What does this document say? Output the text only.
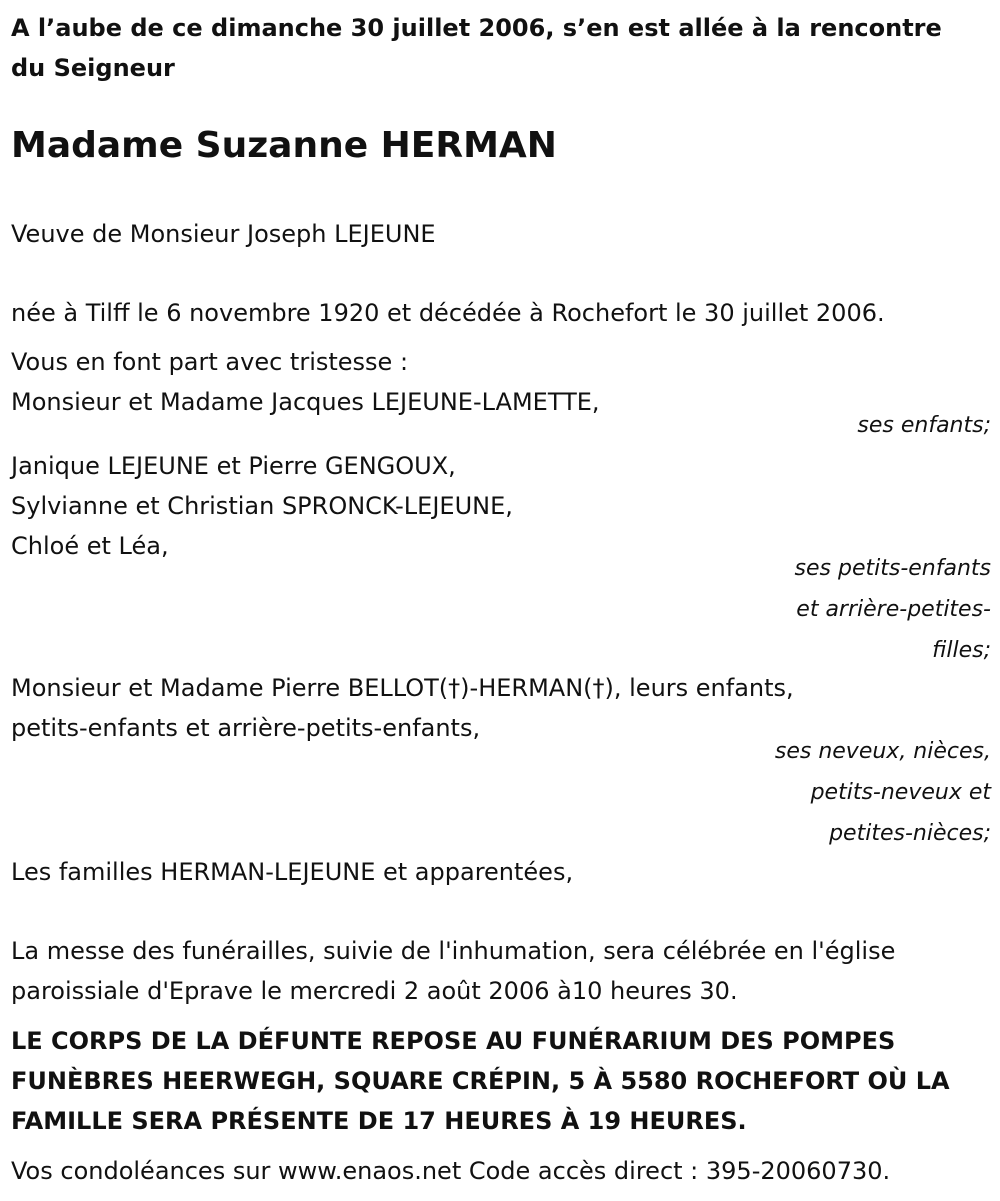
A l’aube de ce dimanche 30 juillet 2006, s’en est allée à la rencontre
du Seigneur
Madame Suzanne HERMAN

Veuve de Monsieur Joseph LEJEUNE

née à Tilff le 6 novembre 1920 et décédée à Rochefort le 30 juillet 2006.

Vous en font part avec tristesse :

Monsieur et Madame Jacques LEJEUNE-LAMETTE,

ses enfants;

Janique LEJEUNE et Pierre GENGOUX,
Sylvianne et Christian SPRONCK-LEJEUNE,
Chloé et Léa,
ses petits-enfants
et arrière-petites-
filles;
Monsieur et Madame Pierre BELLOT(†)-HERMAN(†), leurs enfants,
petits-enfants et arrière-petits-enfants,
ses neveux, nièces,
petits-neveux et
petites-nièces;

Les familles HERMAN-LEJEUNE et apparentées,

La messe des funérailles, suivie de l'inhumation, sera célébrée en l'église
paroissiale d'Eprave le mercredi 2 août 2006 à10 heures 30.
LE CORPS DE LA DÉFUNTE REPOSE AU FUNÉRARIUM DES POMPES
FUNÈBRES HEERWEGH, SQUARE CRÉPIN, 5 À 5580 ROCHEFORT OÙ LA
FAMILLE SERA PRÉSENTE DE 17 HEURES À 19 HEURES.

Vos condoléances sur www.enaos.net Code accès direct : 395-20060730.
